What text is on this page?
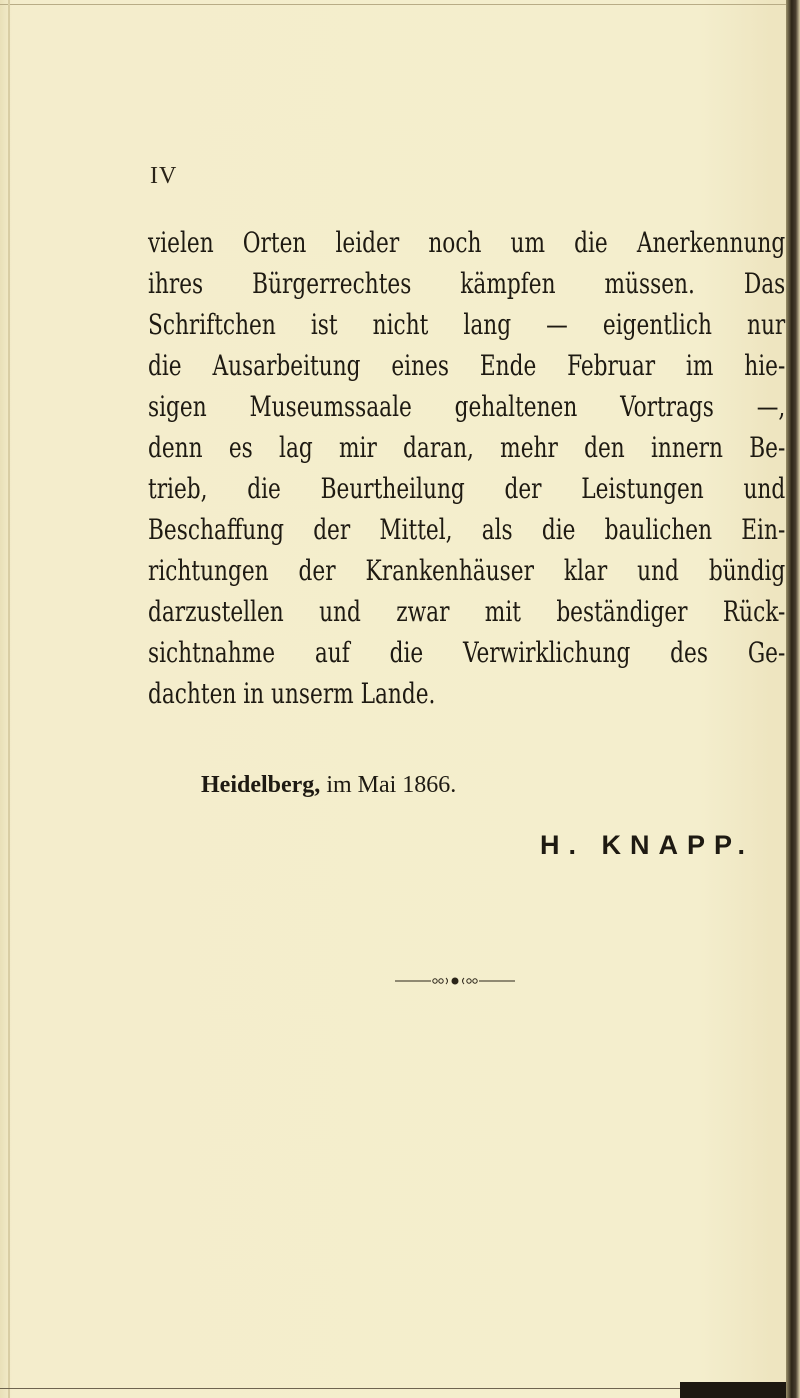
IV
vielen Orten leider noch um die Anerkennung
ihres Bürgerrechtes kämpfen müssen. Das
Schriftchen ist nicht lang — eigentlich nur
die Ausarbeitung eines Ende Februar im hie-
sigen Museumssaale gehaltenen Vortrags —,
denn es lag mir daran, mehr den innern Be-
trieb, die Beurtheilung der Leistungen und
Beschaffung der Mittel, als die baulichen Ein-
richtungen der Krankenhäuser klar und bündig
darzustellen und zwar mit beständiger Rück-
sichtnahme auf die Verwirklichung des Ge-
dachten in unserm Lande.
Heidelberg, im Mai 1866.
H. KNAPP.
